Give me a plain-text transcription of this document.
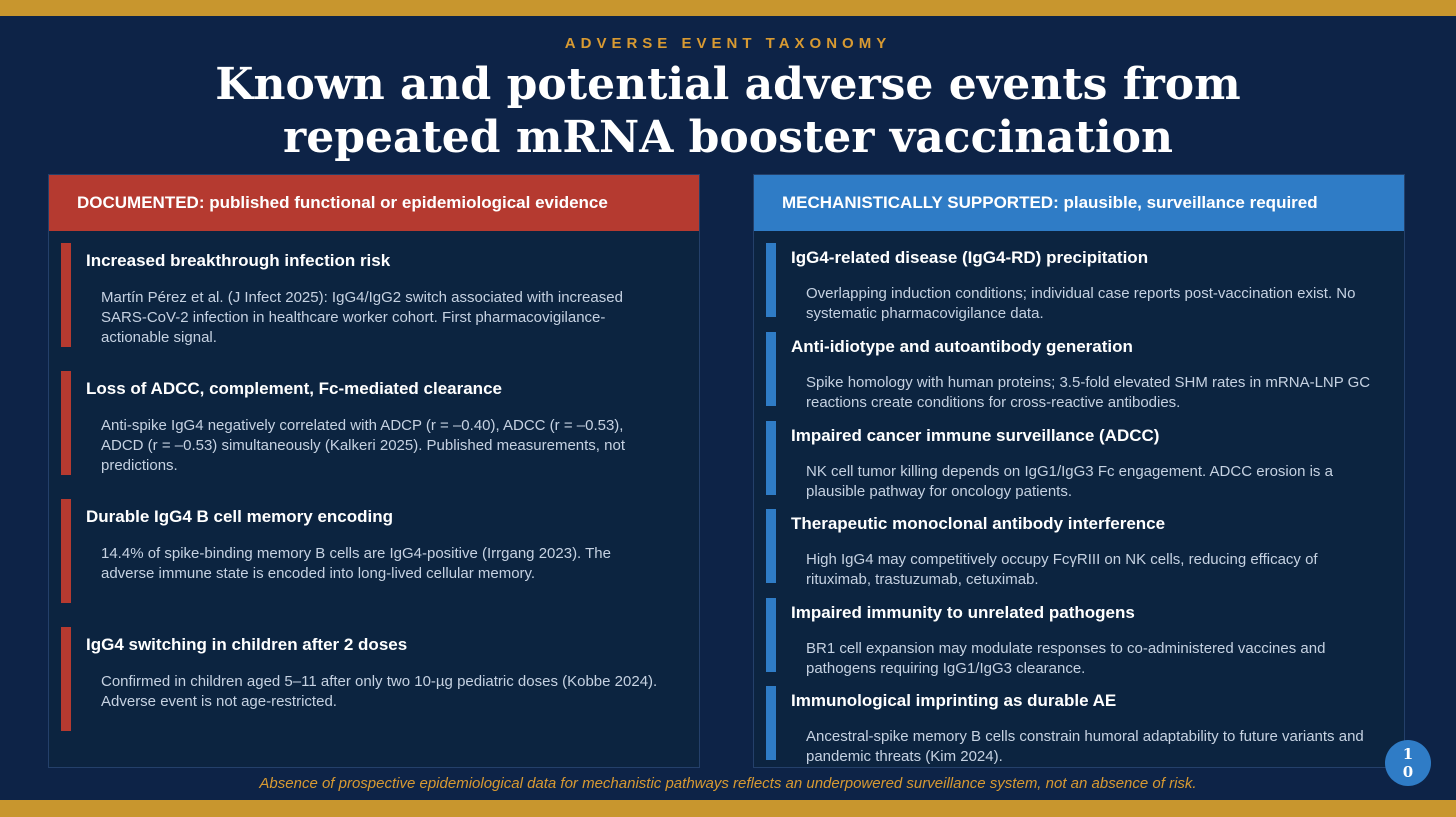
ADVERSE EVENT TAXONOMY
Known and potential adverse events from repeated mRNA booster vaccination
DOCUMENTED: published functional or epidemiological evidence
Increased breakthrough infection risk
Martín Pérez et al. (J Infect 2025): IgG4/IgG2 switch associated with increased SARS-CoV-2 infection in healthcare worker cohort. First pharmacovigilance-actionable signal.
Loss of ADCC, complement, Fc-mediated clearance
Anti-spike IgG4 negatively correlated with ADCP (r = –0.40), ADCC (r = –0.53), ADCD (r = –0.53) simultaneously (Kalkeri 2025). Published measurements, not predictions.
Durable IgG4 B cell memory encoding
14.4% of spike-binding memory B cells are IgG4-positive (Irrgang 2023). The adverse immune state is encoded into long-lived cellular memory.
IgG4 switching in children after 2 doses
Confirmed in children aged 5–11 after only two 10-µg pediatric doses (Kobbe 2024). Adverse event is not age-restricted.
MECHANISTICALLY SUPPORTED: plausible, surveillance required
IgG4-related disease (IgG4-RD) precipitation
Overlapping induction conditions; individual case reports post-vaccination exist. No systematic pharmacovigilance data.
Anti-idiotype and autoantibody generation
Spike homology with human proteins; 3.5-fold elevated SHM rates in mRNA-LNP GC reactions create conditions for cross-reactive antibodies.
Impaired cancer immune surveillance (ADCC)
NK cell tumor killing depends on IgG1/IgG3 Fc engagement. ADCC erosion is a plausible pathway for oncology patients.
Therapeutic monoclonal antibody interference
High IgG4 may competitively occupy FcγRIII on NK cells, reducing efficacy of rituximab, trastuzumab, cetuximab.
Impaired immunity to unrelated pathogens
BR1 cell expansion may modulate responses to co-administered vaccines and pathogens requiring IgG1/IgG3 clearance.
Immunological imprinting as durable AE
Ancestral-spike memory B cells constrain humoral adaptability to future variants and pandemic threats (Kim 2024).	10
Absence of prospective epidemiological data for mechanistic pathways reflects an underpowered surveillance system, not an absence of risk.
